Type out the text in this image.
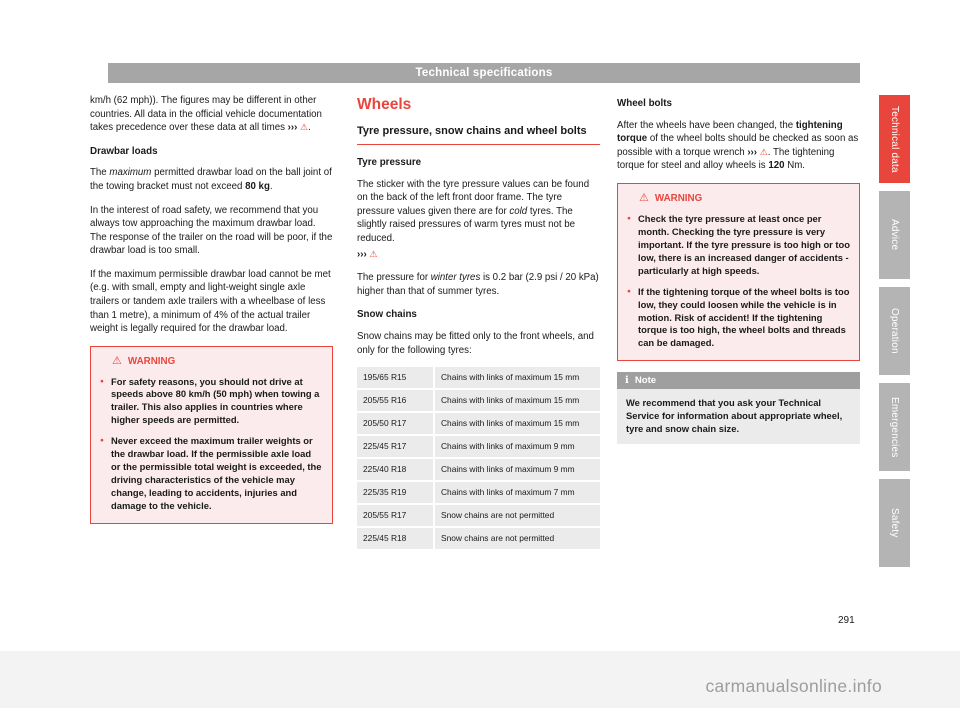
Technical specifications

km/h (62 mph)). The figures may be different in other countries. All data in the official vehicle documentation takes precedence over these data at all times ››› ⚠.

Drawbar loads

The maximum permitted drawbar load on the ball joint of the towing bracket must not exceed 80 kg.

In the interest of road safety, we recommend that you always tow approaching the maximum drawbar load. The response of the trailer on the road will be poor, if the drawbar load is too small.

If the maximum permissible drawbar load cannot be met (e.g. with small, empty and light-weight single axle trailers or tandem axle trailers with a wheelbase of less than 1 metre), a minimum of 4% of the actual trailer weight is legally required for the drawbar load.

⚠ WARNING
● For safety reasons, you should not drive at speeds above 80 km/h (50 mph) when towing a trailer. This also applies in countries where higher speeds are permitted.
● Never exceed the maximum trailer weights or the drawbar load. If the permissible axle load or the permissible total weight is exceeded, the driving characteristics of the vehicle may change, leading to accidents, injuries and damage to the vehicle.
Wheels
Tyre pressure, snow chains and wheel bolts
Tyre pressure

The sticker with the tyre pressure values can be found on the back of the left front door frame. The tyre pressure values given there are for cold tyres. The slightly raised pressures of warm tyres must not be reduced.

››› ⚠

The pressure for winter tyres is 0.2 bar (2.9 psi / 20 kPa) higher than that of summer tyres.

Snow chains

Snow chains may be fitted only to the front wheels, and only for the following tyres:

195/65 R15	Chains with links of maximum 15 mm
205/55 R16	Chains with links of maximum 15 mm
205/50 R17	Chains with links of maximum 15 mm
225/45 R17	Chains with links of maximum 9 mm
225/40 R18	Chains with links of maximum 9 mm
225/35 R19	Chains with links of maximum 7 mm
205/55 R17	Snow chains are not permitted
225/45 R18	Snow chains are not permitted
Wheel bolts

After the wheels have been changed, the tightening torque of the wheel bolts should be checked as soon as possible with a torque wrench ››› ⚠. The tightening torque for steel and alloy wheels is 120 Nm.

⚠ WARNING
● Check the tyre pressure at least once per month. Checking the tyre pressure is very important. If the tyre pressure is too high or too low, there is an increased danger of accidents - particularly at high speeds.
● If the tightening torque of the wheel bolts is too low, they could loosen while the vehicle is in motion. Risk of accident! If the tightening torque is too high, the wheel bolts and threads can be damaged.
ℹ Note
We recommend that you ask your Technical Service for information about appropriate wheel, tyre and snow chain size.
Technical data
Advice
Operation
Emergencies
Safety
291
carmanualsonline.info
